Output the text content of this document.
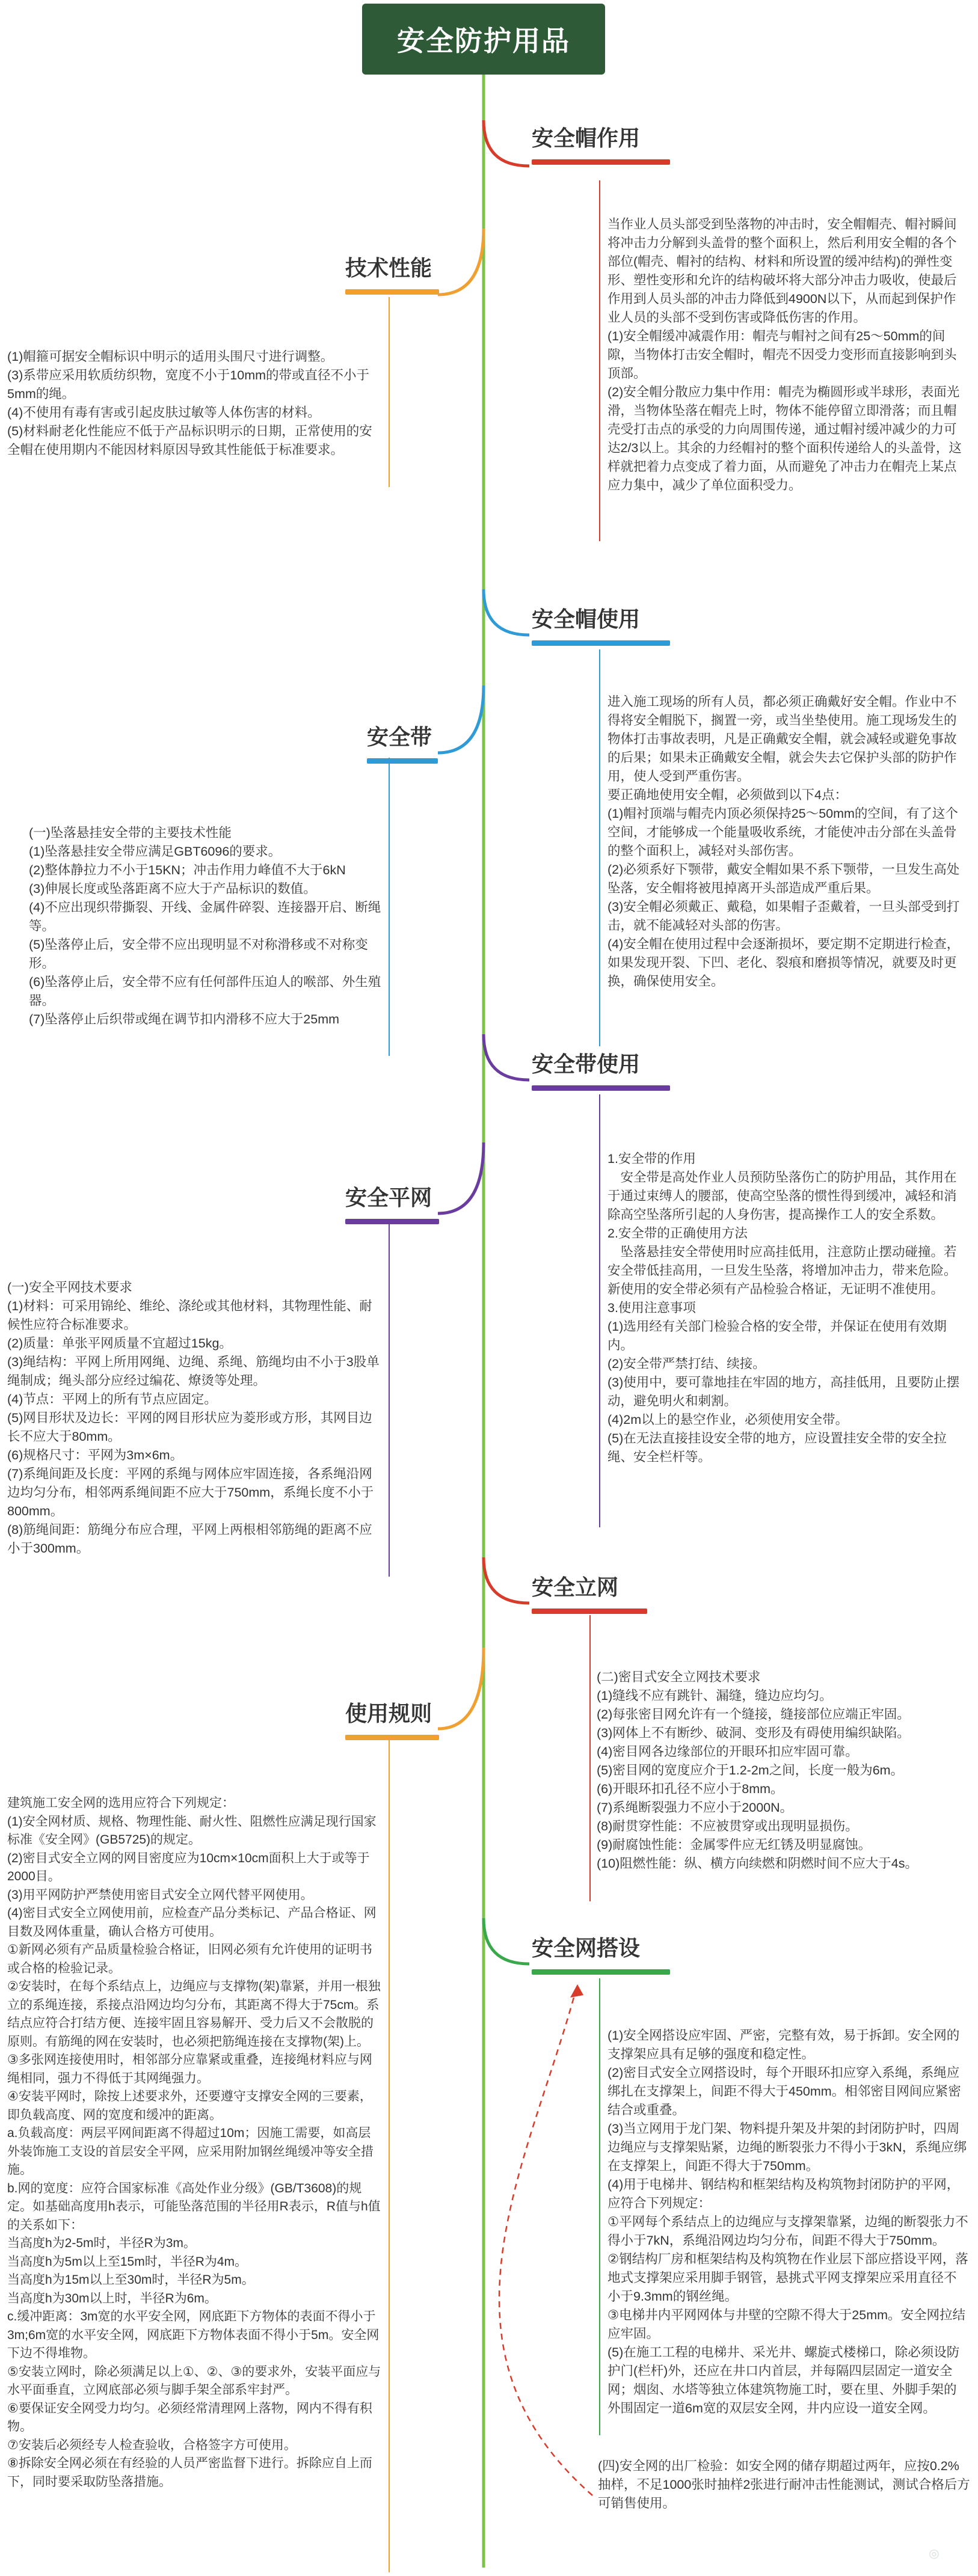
安全防护用品
安全帽作用
当作业人员头部受到坠落物的冲击时，安全帽帽壳、帽衬瞬间将冲击力分解到头盖骨的整个面积上，然后利用安全帽的各个部位(帽壳、帽衬的结构、材料和所设置的缓冲结构)的弹性变形、塑性变形和允许的结构破坏将大部分冲击力吸收，使最后作用到人员头部的冲击力降低到4900N以下，从而起到保护作业人员的头部不受到伤害或降低伤害的作用。
(1)安全帽缓冲减震作用：帽壳与帽衬之间有25～50mm的间隙，当物体打击安全帽时，帽壳不因受力变形而直接影响到头顶部。
(2)安全帽分散应力集中作用：帽壳为椭圆形或半球形，表面光滑，当物体坠落在帽壳上时，物体不能停留立即滑落；而且帽壳受打击点的承受的力向周围传递，通过帽衬缓冲减少的力可达2/3以上。其余的力经帽衬的整个面积传递给人的头盖骨，这样就把着力点变成了着力面，从而避免了冲击力在帽壳上某点应力集中，减少了单位面积受力。
技术性能
(1)帽箍可据安全帽标识中明示的适用头围尺寸进行调整。
(3)系带应采用软质纺织物，宽度不小于10mm的带或直径不小于5mm的绳。
(4)不使用有毒有害或引起皮肤过敏等人体伤害的材料。
(5)材料耐老化性能应不低于产品标识明示的日期，正常使用的安全帽在使用期内不能因材料原因导致其性能低于标准要求。
安全帽使用
进入施工现场的所有人员，都必须正确戴好安全帽。作业中不得将安全帽脱下，搁置一旁，或当坐垫使用。施工现场发生的物体打击事故表明，凡是正确戴安全帽，就会减轻或避免事故的后果；如果未正确戴安全帽，就会失去它保护头部的防护作用，使人受到严重伤害。
要正确地使用安全帽，必须做到以下4点：
(1)帽衬顶端与帽壳内顶必须保持25～50mm的空间，有了这个空间，才能够成一个能量吸收系统，才能使冲击分部在头盖骨的整个面积上，减轻对头部伤害。
(2)必须系好下颚带，戴安全帽如果不系下颚带，一旦发生高处坠落，安全帽将被甩掉离开头部造成严重后果。
(3)安全帽必须戴正、戴稳，如果帽子歪戴着，一旦头部受到打击，就不能减轻对头部的伤害。
(4)安全帽在使用过程中会逐渐损坏，要定期不定期进行检查，如果发现开裂、下凹、老化、裂痕和磨损等情况，就要及时更换，确保使用安全。
安全带
(一)坠落悬挂安全带的主要技术性能
(1)坠落悬挂安全带应满足GBT6096的要求。
(2)整体静拉力不小于15KN；冲击作用力峰值不大于6kN
(3)伸展长度或坠落距离不应大于产品标识的数值。
(4)不应出现织带撕裂、开线、金属件碎裂、连接器开启、断绳等。
(5)坠落停止后，安全带不应出现明显不对称滑移或不对称变形。
(6)坠落停止后，安全带不应有任何部件压迫人的喉部、外生殖器。
(7)坠落停止后织带或绳在调节扣内滑移不应大于25mm
安全带使用
1.安全带的作用
　安全带是高处作业人员预防坠落伤亡的防护用品，其作用在于通过束缚人的腰部，使高空坠落的惯性得到缓冲，减轻和消除高空坠落所引起的人身伤害，提高操作工人的安全系数。
2.安全带的正确使用方法
　坠落悬挂安全带使用时应高挂低用，注意防止摆动碰撞。若安全带低挂高用，一旦发生坠落，将增加冲击力，带来危险。新使用的安全带必须有产品检验合格证，无证明不准使用。
3.使用注意事项
(1)选用经有关部门检验合格的安全带，并保证在使用有效期内。
(2)安全带严禁打结、续接。
(3)使用中，要可靠地挂在牢固的地方，高挂低用，且要防止摆动，避免明火和刺割。
(4)2m以上的悬空作业，必须使用安全带。
(5)在无法直接挂设安全带的地方，应设置挂安全带的安全拉绳、安全栏杆等。
安全平网
(一)安全平网技术要求
(1)材料：可采用锦纶、维纶、涤纶或其他材料，其物理性能、耐候性应符合标准要求。
(2)质量：单张平网质量不宜超过15kg。
(3)绳结构：平网上所用网绳、边绳、系绳、筋绳均由不小于3股单绳制成；绳头部分应经过编花、燎烫等处理。
(4)节点：平网上的所有节点应固定。
(5)网目形状及边长：平网的网目形状应为菱形或方形，其网目边长不应大于80mm。
(6)规格尺寸：平网为3m×6m。
(7)系绳间距及长度：平网的系绳与网体应牢固连接，各系绳沿网边均匀分布，相邻两系绳间距不应大于750mm，系绳长度不小于800mm。
(8)筋绳间距：筋绳分布应合理，平网上两根相邻筋绳的距离不应小于300mm。
安全立网
(二)密目式安全立网技术要求
(1)缝线不应有跳针、漏缝，缝边应均匀。
(2)每张密目网允许有一个缝接，缝接部位应端正牢固。
(3)网体上不有断纱、破洞、变形及有碍使用编织缺陷。
(4)密目网各边缘部位的开眼环扣应牢固可靠。
(5)密目网的宽度应介于1.2-2m之间，长度一般为6m。
(6)开眼环扣孔径不应小于8mm。
(7)系绳断裂强力不应小于2000N。
(8)耐贯穿性能：不应被贯穿或出现明显损伤。
(9)耐腐蚀性能：金属零件应无红锈及明显腐蚀。
(10)阻燃性能：纵、横方向续燃和阴燃时间不应大于4s。
使用规则
建筑施工安全网的选用应符合下列规定：
(1)安全网材质、规格、物理性能、耐火性、阻燃性应满足现行国家标准《安全网》(GB5725)的规定。
(2)密目式安全立网的网目密度应为10cm×10cm面积上大于或等于2000目。
(3)用平网防护严禁使用密目式安全立网代替平网使用。
(4)密目式安全立网使用前，应检查产品分类标记、产品合格证、网目数及网体重量，确认合格方可使用。
①新网必须有产品质量检验合格证，旧网必须有允许使用的证明书或合格的检验记录。
②安装时，在每个系结点上，边绳应与支撑物(架)靠紧，并用一根独立的系绳连接，系接点沿网边均匀分布，其距离不得大于75cm。系结点应符合打结方便、连接牢固且容易解开、受力后又不会散脱的原则。有筋绳的网在安装时，也必须把筋绳连接在支撑物(架)上。
③多张网连接使用时，相邻部分应靠紧或重叠，连接绳材料应与网绳相同，强力不得低于其网绳强力。
④安装平网时，除按上述要求外，还要遵守支撑安全网的三要素，即负载高度、网的宽度和缓冲的距离。
a.负载高度：两层平网间距离不得超过10m；因施工需要，如高层外装饰施工支设的首层安全平网，应采用附加钢丝绳缓冲等安全措施。
b.网的宽度：应符合国家标准《高处作业分级》(GB/T3608)的规定。如基础高度用h表示，可能坠落范围的半径用R表示，R值与h值的关系如下：
当高度h为2-5m时，半径R为3m。
当高度h为5m以上至15m时，半径R为4m。
当高度h为15m以上至30m时，半径R为5m。
当高度h为30m以上时，半径R为6m。
c.缓冲距离：3m宽的水平安全网，网底距下方物体的表面不得小于3m;6m宽的水平安全网，网底距下方物体表面不得小于5m。安全网下边不得堆物。
⑤安装立网时，除必须满足以上①、②、③的要求外，安装平面应与水平面垂直，立网底部必须与脚手架全部系牢封严。
⑥要保证安全网受力均匀。必须经常清理网上落物，网内不得有积物。
⑦安装后必须经专人检查验收，合格签字方可使用。
⑧拆除安全网必须在有经验的人员严密监督下进行。拆除应自上而下，同时要采取防坠落措施。
安全网搭设
(1)安全网搭设应牢固、严密，完整有效，易于拆卸。安全网的支撑架应具有足够的强度和稳定性。
(2)密目式安全立网搭设时，每个开眼环扣应穿入系绳，系绳应绑扎在支撑架上，间距不得大于450mm。相邻密目网间应紧密结合或重叠。
(3)当立网用于龙门架、物料提升架及井架的封闭防护时，四周边绳应与支撑架贴紧，边绳的断裂张力不得小于3kN，系绳应绑在支撑架上，间距不得大于750mm。
(4)用于电梯井、钢结构和框架结构及构筑物封闭防护的平网，应符合下列规定：
①平网每个系结点上的边绳应与支撑架靠紧，边绳的断裂张力不得小于7kN，系绳沿网边均匀分布，间距不得大于750mm。
②钢结构厂房和框架结构及构筑物在作业层下部应搭设平网，落地式支撑架应采用脚手钢管，悬挑式平网支撑架应采用直径不小于9.3mm的钢丝绳。
③电梯井内平网网体与井壁的空隙不得大于25mm。安全网拉结应牢固。
(5)在施工工程的电梯井、采光井、螺旋式楼梯口，除必须设防护门(栏杆)外，还应在井口内首层，并每隔四层固定一道安全网；烟囱、水塔等独立体建筑物施工时，要在里、外脚手架的外围固定一道6m宽的双层安全网，井内应设一道安全网。
(四)安全网的出厂检验：如安全网的储存期超过两年，应按0.2%抽样，不足1000张时抽样2张进行耐冲击性能测试，测试合格后方可销售使用。
◎
